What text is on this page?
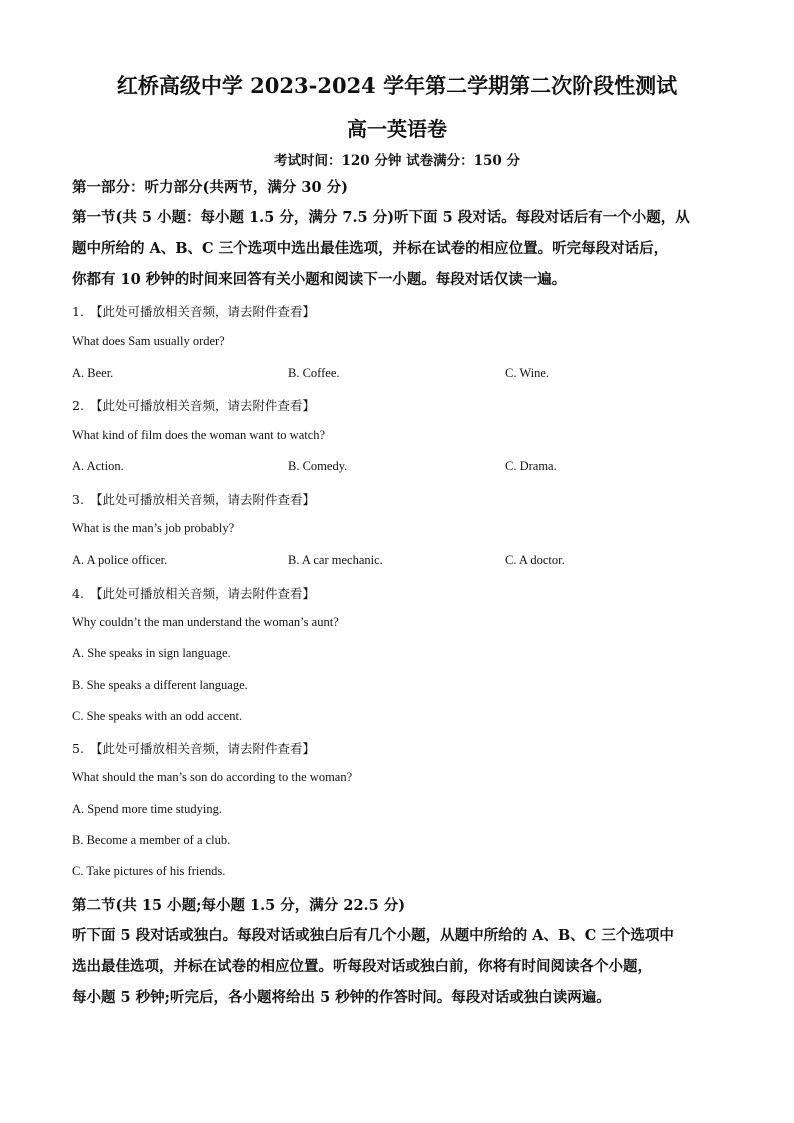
红桥高级中学 2023-2024 学年第二学期第二次阶段性测试
高一英语卷
考试时间：120 分钟 试卷满分：150 分
第一部分：听力部分(共两节，满分 30 分)
第一节(共 5 小题：每小题 1.5 分，满分 7.5 分)听下面 5 段对话。每段对话后有一个小题，从
题中所给的 A、B、C 三个选项中选出最佳选项，并标在试卷的相应位置。听完每段对话后，
你都有 10 秒钟的时间来回答有关小题和阅读下一小题。每段对话仅读一遍。
1. 【此处可播放相关音频，请去附件查看】
What does Sam usually order?
A. Beer.	B. Coffee.	C. Wine.
2. 【此处可播放相关音频，请去附件查看】
What kind of film does the woman want to watch?
A. Action.	B. Comedy.	C. Drama.
3. 【此处可播放相关音频，请去附件查看】
What is the man’s job probably?
A. A police officer.	B. A car mechanic.	C. A doctor.
4. 【此处可播放相关音频，请去附件查看】
Why couldn’t the man understand the woman’s aunt?
A. She speaks in sign language.
B. She speaks a different language.
C. She speaks with an odd accent.
5. 【此处可播放相关音频，请去附件查看】
What should the man’s son do according to the woman?
A. Spend more time studying.
B. Become a member of a club.
C. Take pictures of his friends.
第二节(共 15 小题;每小题 1.5 分，满分 22.5 分)
听下面 5 段对话或独白。每段对话或独白后有几个小题，从题中所给的 A、B、C 三个选项中
选出最佳选项，并标在试卷的相应位置。听每段对话或独白前，你将有时间阅读各个小题，
每小题 5 秒钟;听完后，各小题将给出 5 秒钟的作答时间。每段对话或独白读两遍。
